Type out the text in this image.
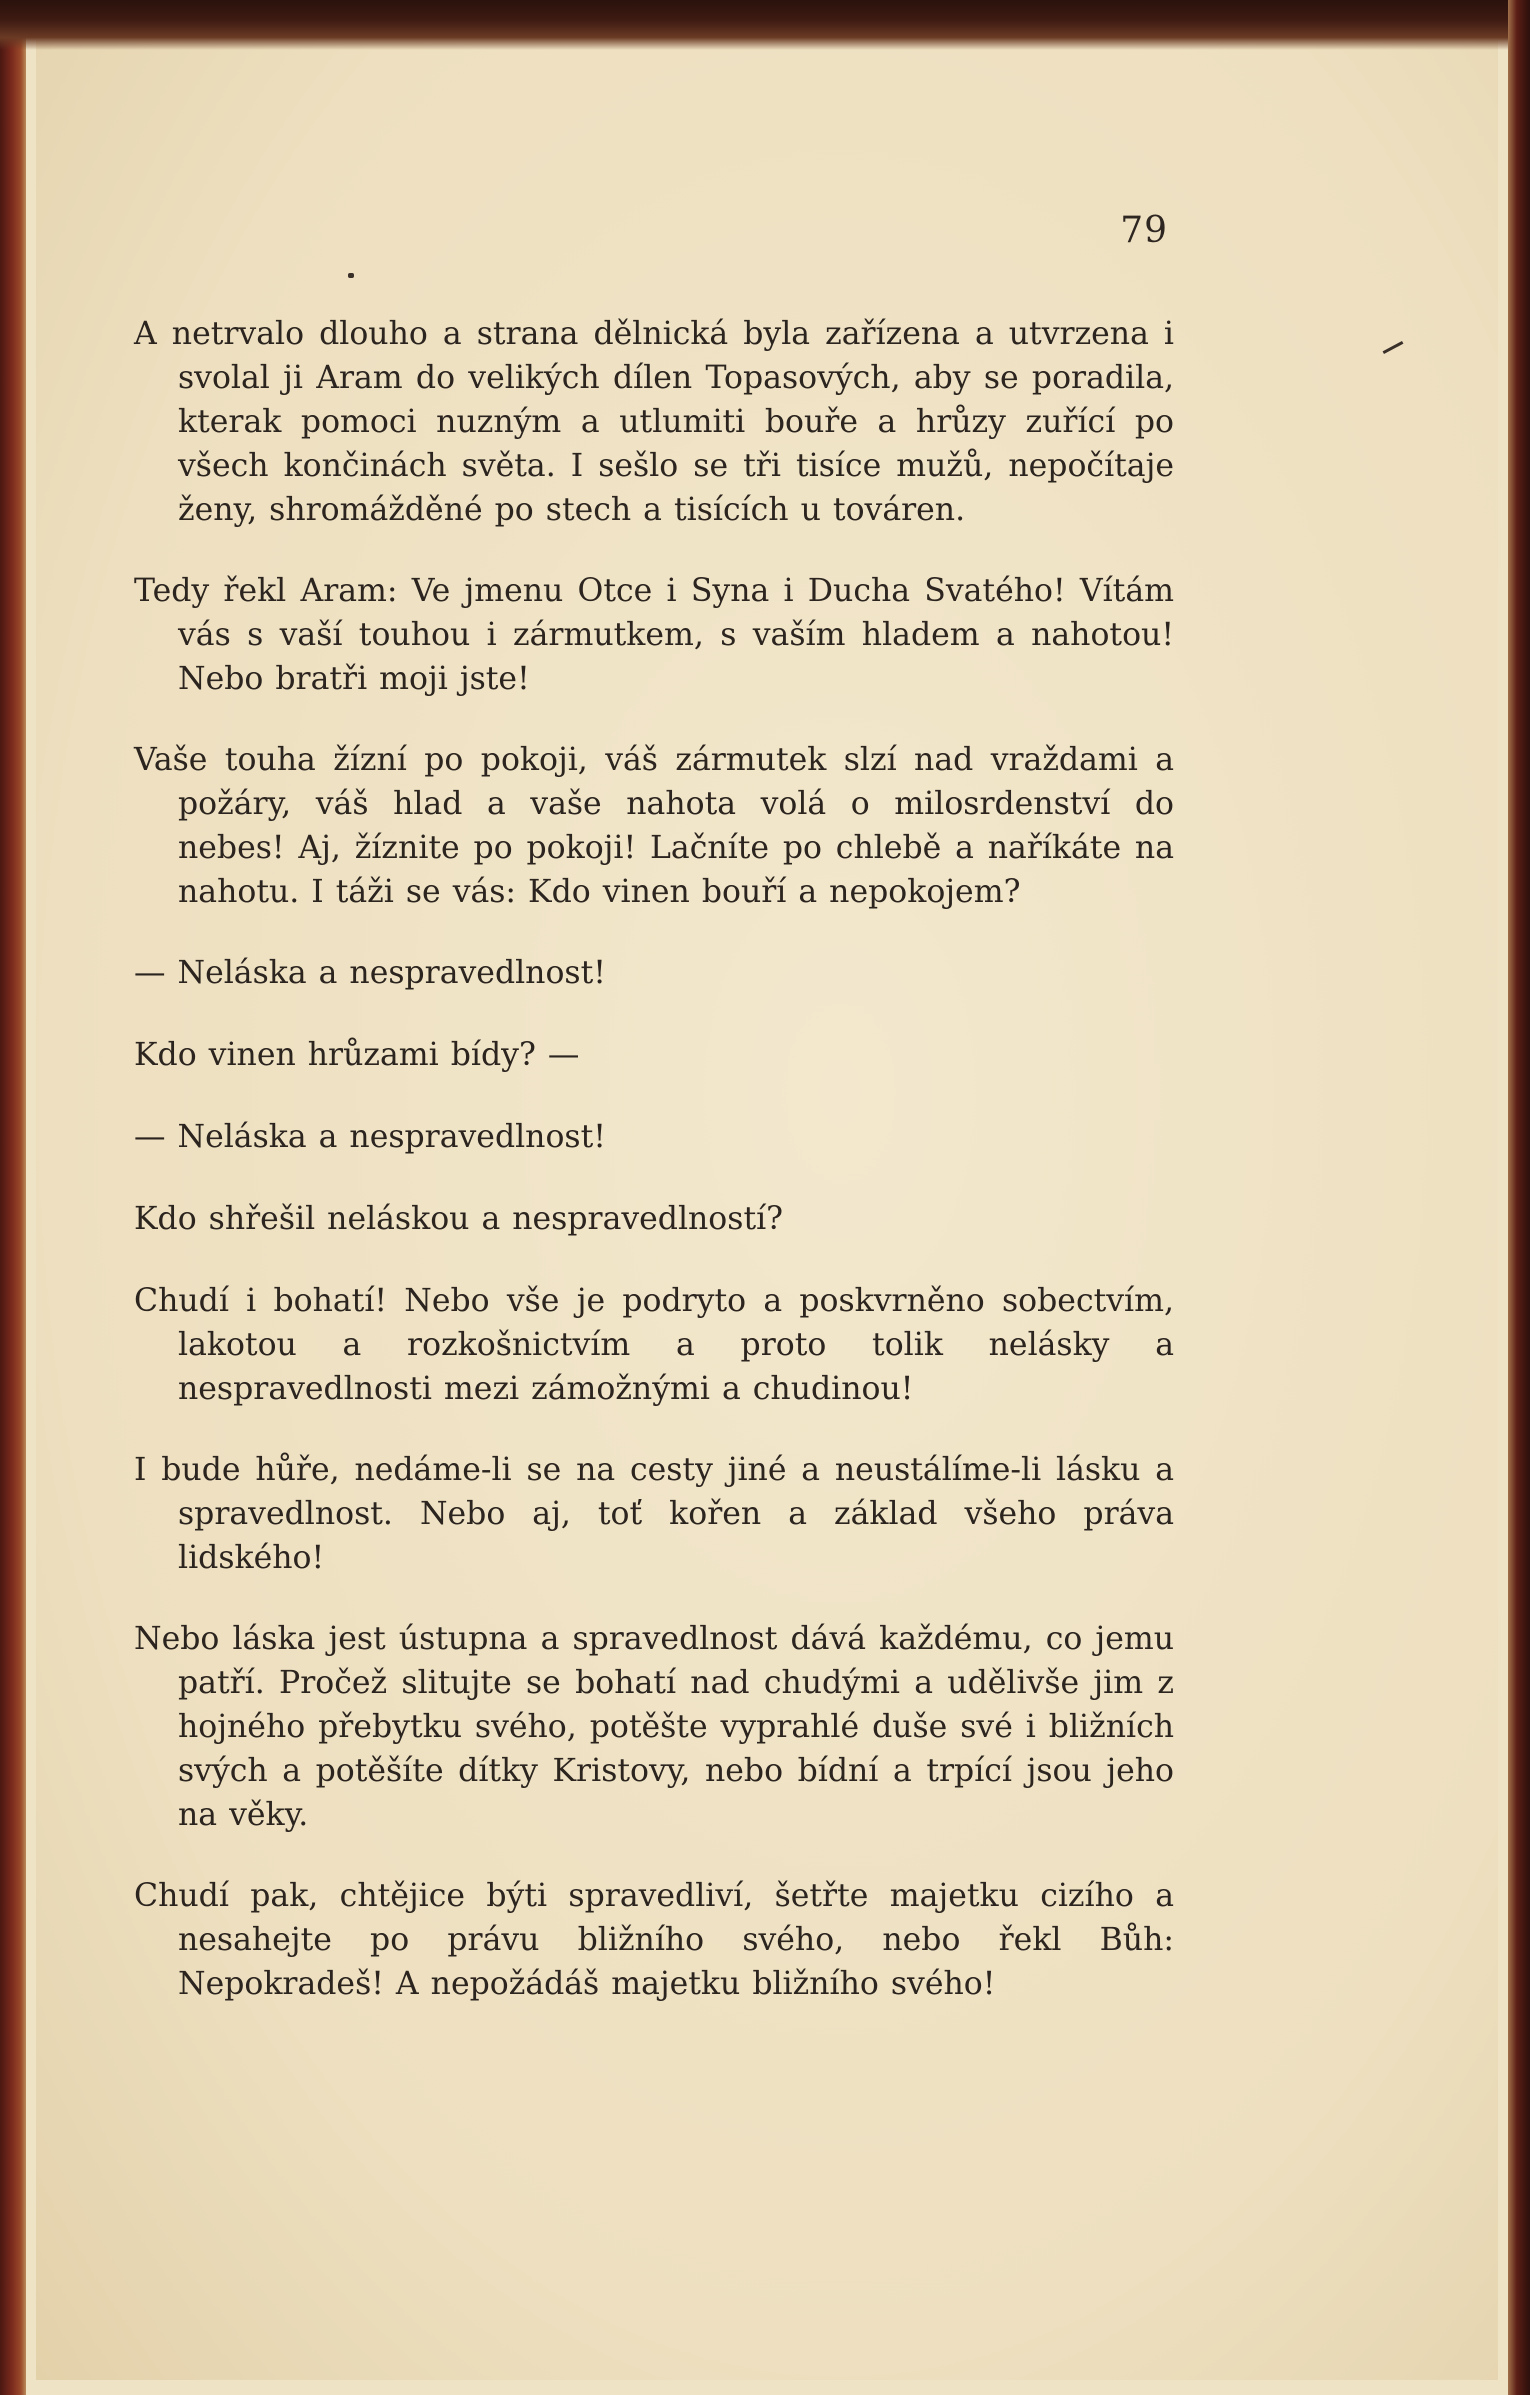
79

A netrvalo dlouho a strana dělnická byla zařízena a utvrzena i svolal ji Aram do velikých dílen Topasových, aby se poradila, kterak pomoci nuzným a utlumiti bouře a hrůzy zuřící po všech končinách světa. I sešlo se tři tisíce mužů, nepočítaje ženy, shromážděné po stech a tisících u továren.

Tedy řekl Aram: Ve jmenu Otce i Syna i Ducha Svatého! Vítám vás s vaší touhou i zármutkem, s vaším hladem a nahotou! Nebo bratři moji jste!

Vaše touha žízní po pokoji, váš zármutek slzí nad vraždami a požáry, váš hlad a vaše nahota volá o milosrdenství do nebes! Aj, žíznite po pokoji! Lačníte po chlebě a naříkáte na nahotu. I táži se vás: Kdo vinen bouří a nepokojem?

— Neláska a nespravedlnost!

Kdo vinen hrůzami bídy? —

— Neláska a nespravedlnost!

Kdo shřešil neláskou a nespravedlností?

Chudí i bohatí! Nebo vše je podryto a poskvrněno sobectvím, lakotou a rozkošnictvím a proto tolik nelásky a nespravedlnosti mezi zámožnými a chudinou!

I bude hůře, nedáme-li se na cesty jiné a neustálíme-li lásku a spravedlnost. Nebo aj, toť kořen a základ všeho práva lidského!

Nebo láska jest ústupna a spravedlnost dává každému, co jemu patří. Pročež slitujte se bohatí nad chudými a udělivše jim z hojného přebytku svého, potěšte vyprahlé duše své i bližních svých a potěšíte dítky Kristovy, nebo bídní a trpící jsou jeho na věky.

Chudí pak, chtějice býti spravedliví, šetřte majetku cizího a nesahejte po právu bližního svého, nebo řekl Bůh: Nepokradeš! A nepožádáš majetku bližního svého!
